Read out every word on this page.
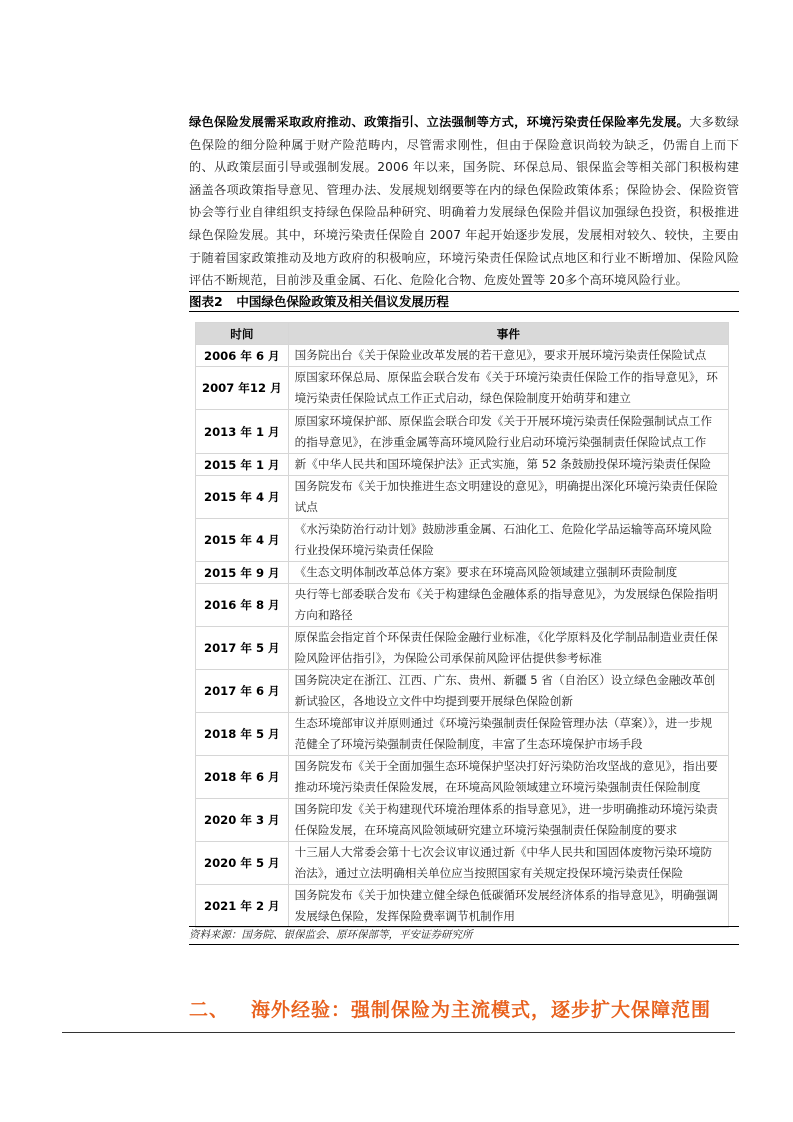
绿色保险发展需采取政府推动、政策指引、立法强制等方式，环境污染责任保险率先发展。大多数绿色保险的细分险种属于财产险范畴内，尽管需求刚性，但由于保险意识尚较为缺乏，仍需自上而下的、从政策层面引导或强制发展。2006 年以来，国务院、环保总局、银保监会等相关部门积极构建涵盖各项政策指导意见、管理办法、发展规划纲要等在内的绿色保险政策体系；保险协会、保险资管协会等行业自律组织支持绿色保险品种研究、明确着力发展绿色保险并倡议加强绿色投资，积极推进绿色保险发展。其中，环境污染责任保险自 2007 年起开始逐步发展，发展相对较久、较快，主要由于随着国家政策推动及地方政府的积极响应，环境污染责任保险试点地区和行业不断增加、保险风险评估不断规范，目前涉及重金属、石化、危险化合物、危废处置等 20多个高环境风险行业。
图表2 中国绿色保险政策及相关倡议发展历程
时间	事件
2006 年 6 月	国务院出台《关于保险业改革发展的若干意见》，要求开展环境污染责任保险试点
2007 年12 月	原国家环保总局、原保监会联合发布《关于环境污染责任保险工作的指导意见》，环境污染责任保险试点工作正式启动，绿色保险制度开始萌芽和建立
2013 年 1 月	原国家环境保护部、原保监会联合印发《关于开展环境污染责任保险强制试点工作的指导意见》，在涉重金属等高环境风险行业启动环境污染强制责任保险试点工作
2015 年 1 月	新《中华人民共和国环境保护法》正式实施，第 52 条鼓励投保环境污染责任保险
2015 年 4 月	国务院发布《关于加快推进生态文明建设的意见》，明确提出深化环境污染责任保险试点
2015 年 4 月	《水污染防治行动计划》鼓励涉重金属、石油化工、危险化学品运输等高环境风险行业投保环境污染责任保险
2015 年 9 月	《生态文明体制改革总体方案》要求在环境高风险领域建立强制环责险制度
2016 年 8 月	央行等七部委联合发布《关于构建绿色金融体系的指导意见》，为发展绿色保险指明方向和路径
2017 年 5 月	原保监会指定首个环保责任保险金融行业标准，《化学原料及化学制品制造业责任保险风险评估指引》，为保险公司承保前风险评估提供参考标准
2017 年 6 月	国务院决定在浙江、江西、广东、贵州、新疆 5 省（自治区）设立绿色金融改革创新试验区，各地设立文件中均提到要开展绿色保险创新
2018 年 5 月	生态环境部审议并原则通过《环境污染强制责任保险管理办法（草案）》，进一步规范健全了环境污染强制责任保险制度，丰富了生态环境保护市场手段
2018 年 6 月	国务院发布《关于全面加强生态环境保护坚决打好污染防治攻坚战的意见》，指出要推动环境污染责任保险发展，在环境高风险领域建立环境污染强制责任保险制度
2020 年 3 月	国务院印发《关于构建现代环境治理体系的指导意见》，进一步明确推动环境污染责任保险发展，在环境高风险领域研究建立环境污染强制责任保险制度的要求
2020 年 5 月	十三届人大常委会第十七次会议审议通过新《中华人民共和国固体废物污染环境防治法》，通过立法明确相关单位应当按照国家有关规定投保环境污染责任保险
2021 年 2 月	国务院发布《关于加快建立健全绿色低碳循环发展经济体系的指导意见》，明确强调发展绿色保险，发挥保险费率调节机制作用
资料来源：国务院、银保监会、原环保部等，平安证券研究所
二、 海外经验：强制保险为主流模式，逐步扩大保障范围
